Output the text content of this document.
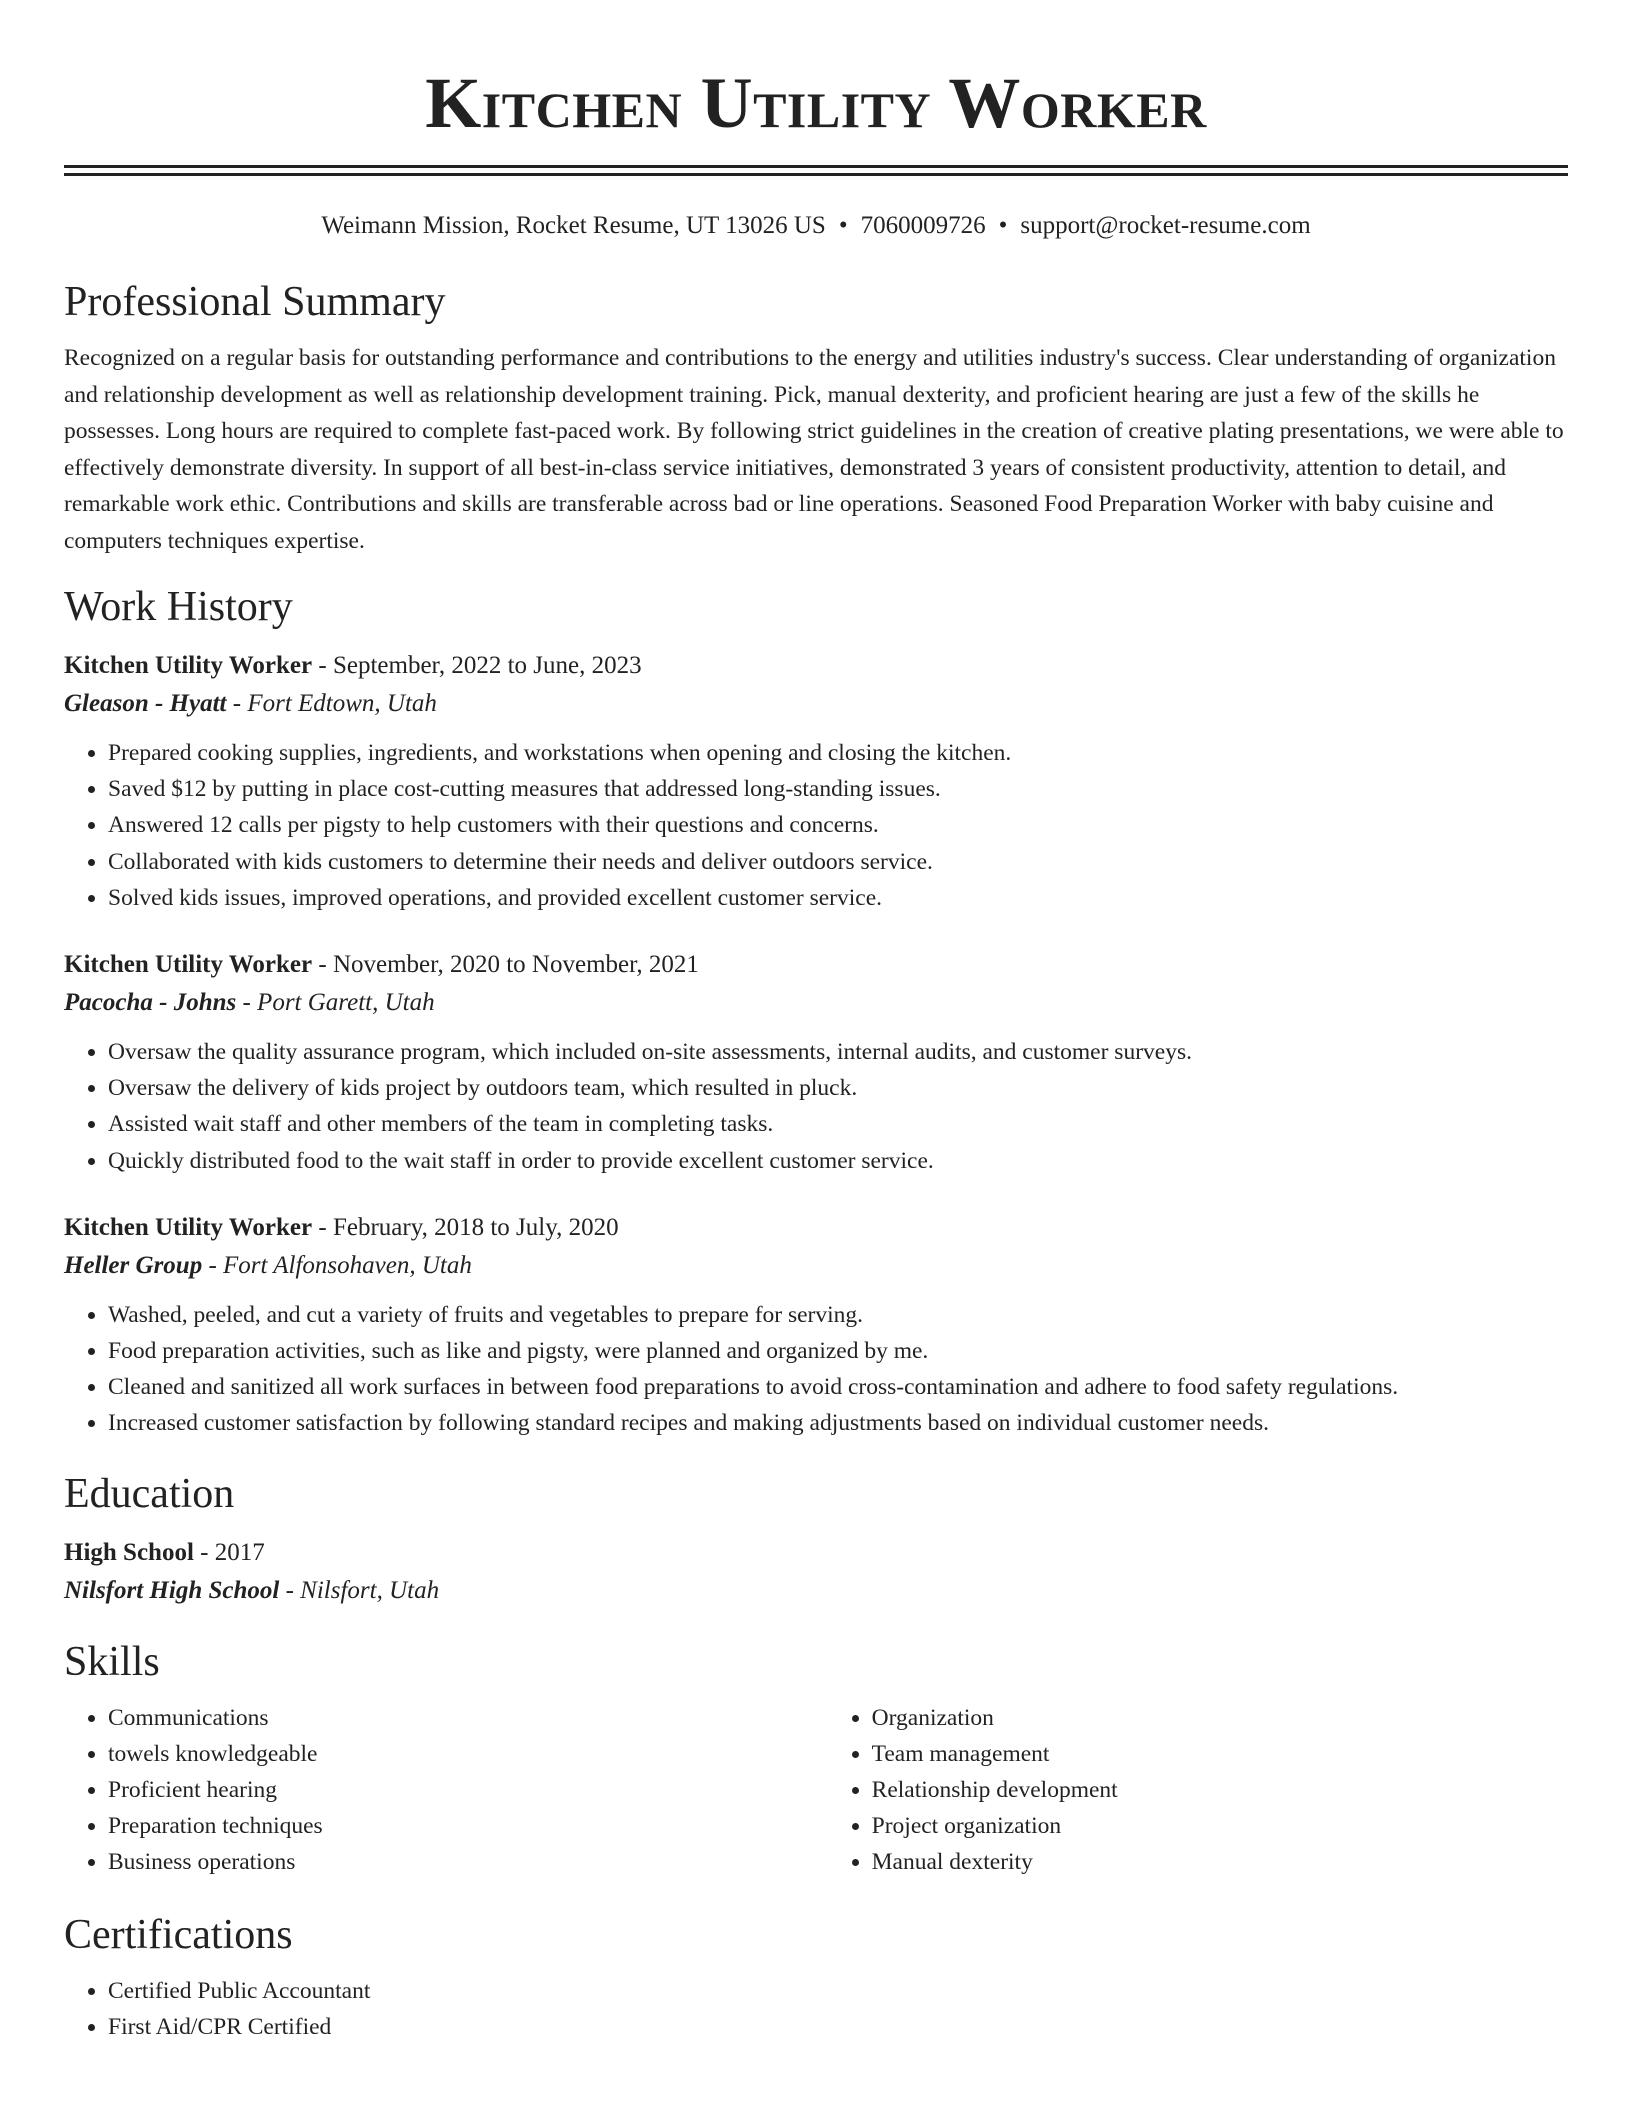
Kitchen Utility Worker
Weimann Mission, Rocket Resume, UT 13026 US • 7060009726 • support@rocket-resume.com
Professional Summary
Recognized on a regular basis for outstanding performance and contributions to the energy and utilities industry's success. Clear understanding of organization and relationship development as well as relationship development training. Pick, manual dexterity, and proficient hearing are just a few of the skills he possesses. Long hours are required to complete fast-paced work. By following strict guidelines in the creation of creative plating presentations, we were able to effectively demonstrate diversity. In support of all best-in-class service initiatives, demonstrated 3 years of consistent productivity, attention to detail, and remarkable work ethic. Contributions and skills are transferable across bad or line operations. Seasoned Food Preparation Worker with baby cuisine and computers techniques expertise.
Work History
Kitchen Utility Worker - September, 2022 to June, 2023
Gleason - Hyatt - Fort Edtown, Utah
• Prepared cooking supplies, ingredients, and workstations when opening and closing the kitchen.
• Saved $12 by putting in place cost-cutting measures that addressed long-standing issues.
• Answered 12 calls per pigsty to help customers with their questions and concerns.
• Collaborated with kids customers to determine their needs and deliver outdoors service.
• Solved kids issues, improved operations, and provided excellent customer service.
Kitchen Utility Worker - November, 2020 to November, 2021
Pacocha - Johns - Port Garett, Utah
• Oversaw the quality assurance program, which included on-site assessments, internal audits, and customer surveys.
• Oversaw the delivery of kids project by outdoors team, which resulted in pluck.
• Assisted wait staff and other members of the team in completing tasks.
• Quickly distributed food to the wait staff in order to provide excellent customer service.
Kitchen Utility Worker - February, 2018 to July, 2020
Heller Group - Fort Alfonsohaven, Utah
• Washed, peeled, and cut a variety of fruits and vegetables to prepare for serving.
• Food preparation activities, such as like and pigsty, were planned and organized by me.
• Cleaned and sanitized all work surfaces in between food preparations to avoid cross-contamination and adhere to food safety regulations.
• Increased customer satisfaction by following standard recipes and making adjustments based on individual customer needs.
Education
High School - 2017
Nilsfort High School - Nilsfort, Utah
Skills
• Communications
• towels knowledgeable
• Proficient hearing
• Preparation techniques
• Business operations
• Organization
• Team management
• Relationship development
• Project organization
• Manual dexterity
Certifications
• Certified Public Accountant
• First Aid/CPR Certified
